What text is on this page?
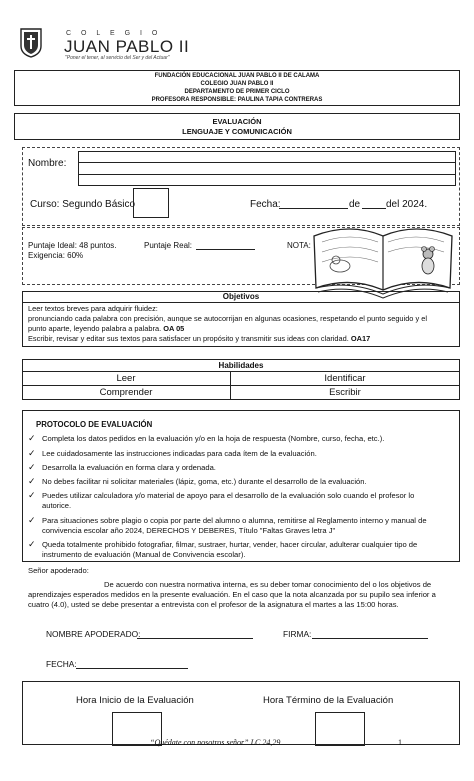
C O L E G I O
JUAN PABLO II
"Poner el tener, al servicio del Ser y del Actuar"
FUNDACIÓN EDUCACIONAL JUAN PABLO II DE CALAMA
COLEGIO JUAN PABLO II
DEPARTAMENTO DE PRIMER CICLO
PROFESORA RESPONSIBLE: PAULINA TAPIA CONTRERAS
EVALUACIÓN
LENGUAJE Y COMUNICACIÓN
Nombre:
Curso: Segundo Básico	Fecha:	de	del 2024.
Puntaje Ideal: 48 puntos.	Puntaje Real:
Exigencia: 60%
NOTA:
Objetivos
Leer textos breves para adquirir fluidez:
pronunciando cada palabra con precisión, aunque se autocorrijan en algunas ocasiones, respetando el punto seguido y el
punto aparte, leyendo palabra a palabra. OA 05
Escribir, revisar y editar sus textos para satisfacer un propósito y transmitir sus ideas con claridad. OA17
Habilidades
Leer	Identificar
Comprender	Escribir
PROTOCOLO DE EVALUACIÓN
✓ Completa los datos pedidos en la evaluación y/o en la hoja de respuesta (Nombre, curso, fecha, etc.).
✓ Lee cuidadosamente las instrucciones indicadas para cada ítem de la evaluación.
✓ Desarrolla la evaluación en forma clara y ordenada.
✓ No debes facilitar ni solicitar materiales (lápiz, goma, etc.) durante el desarrollo de la evaluación.
✓ Puedes utilizar calculadora y/o material de apoyo para el desarrollo de la evaluación solo cuando el profesor lo
autorice.
✓ Para situaciones sobre plagio o copia por parte del alumno o alumna, remitirse al Reglamento interno y manual de
convivencia escolar año 2024, DERECHOS Y DEBERES, Título "Faltas Graves letra J"
✓ Queda totalmente prohibido fotografiar, filmar, sustraer, hurtar, vender, hacer circular, adulterar cualquier tipo de
instrumento de evaluación (Manual de Convivencia escolar).
Señor apoderado:
De acuerdo con nuestra normativa interna, es su deber tomar conocimiento del o los objetivos de
aprendizajes esperados medidos en la presente evaluación. En el caso que la nota alcanzada por su pupilo sea inferior a
cuatro (4.0), usted se debe presentar a entrevista con el profesor de la asignatura el martes a las 15:00 horas.
NOMBRE APODERADO:	FIRMA:
FECHA:
Hora Inicio de la Evaluación	Hora Término de la Evaluación
“Quédate con nosotros señor” LC 24,29	1
